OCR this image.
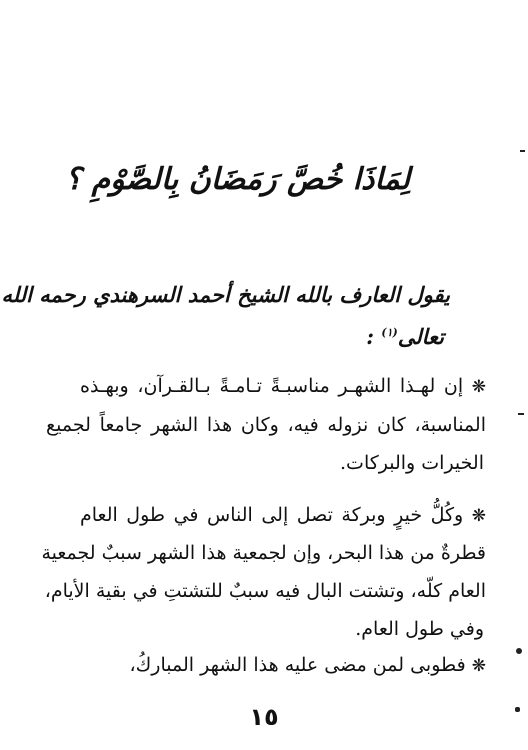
لِمَاذَا خُصَّ رَمَضَانُ بِالصَّوْمِ ؟
يقول العارف بالله الشيخ أحمد السرهندي رحمه الله
تعالى$^{(١)}$ :
❋ إن لهـذا الشهـر مناسبـةً تـامـةً بـالقـرآن، وبهـذه
المناسبة، كان نزوله فيه، وكان هذا الشهر جامعاً لجميع
الخيرات والبركات.
❋ وكُلُّ خيرٍ وبركة تصل إلى الناس في طول العام
قطرةٌ من هذا البحر، وإن لجمعية هذا الشهر سببٌ لجمعية
العام كلّه، وتشتت البال فيه سببٌ للتشتتِ في بقية الأيام،
وفي طول العام.
❋ فطوبى لمن مضى عليه هذا الشهر المباركُ،
١٥
